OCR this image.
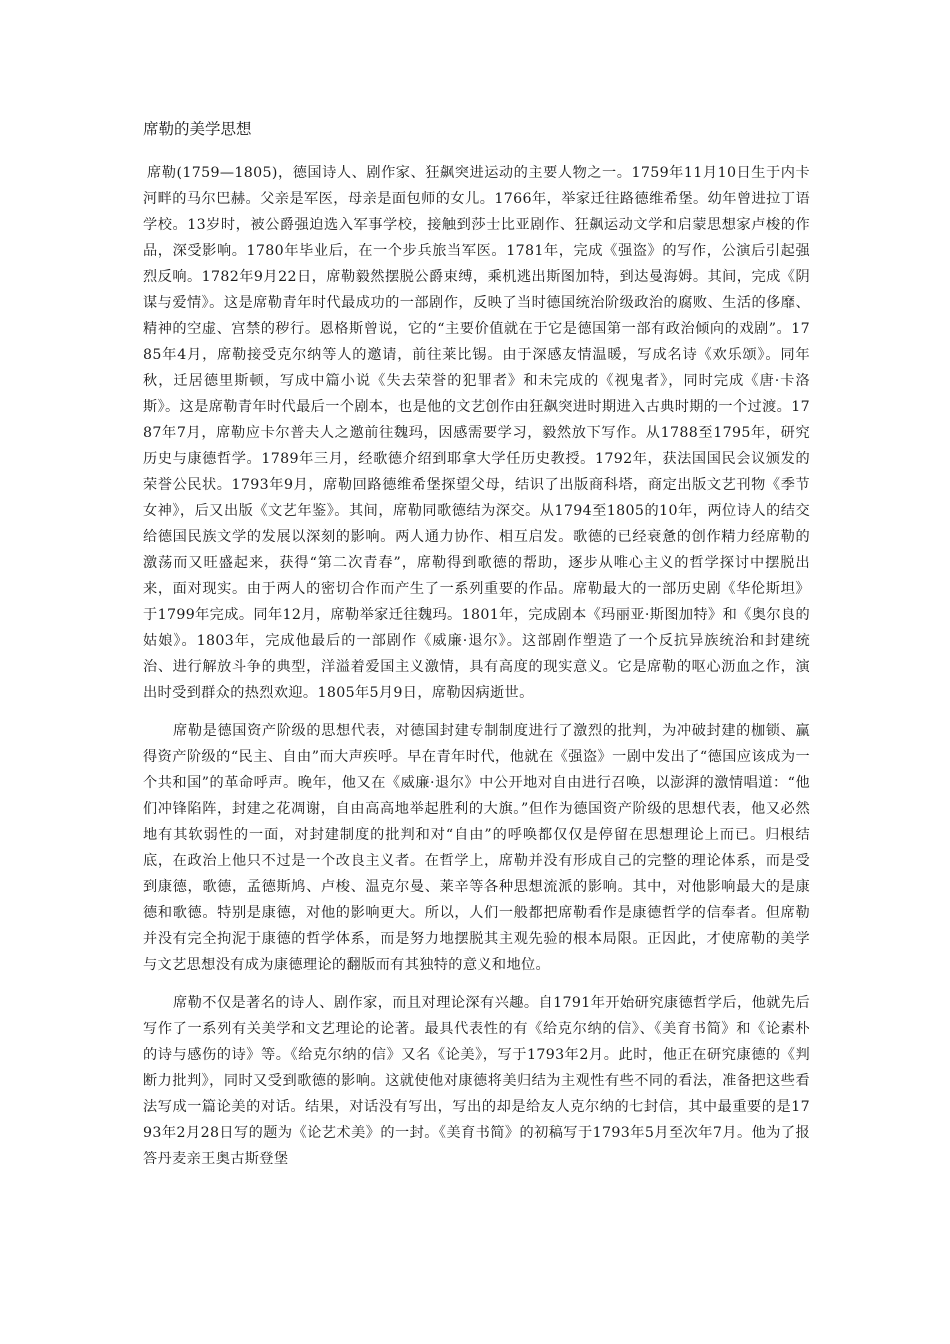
席勒的美学思想

席勒(1759—1805)，德国诗人、剧作家、狂飙突进运动的主要人物之一。1759年11月10日生于内卡河畔的马尔巴赫。父亲是军医，母亲是面包师的女儿。1766年，举家迁往路德维希堡。幼年曾进拉丁语学校。13岁时，被公爵强迫选入军事学校，接触到莎士比亚剧作、狂飙运动文学和启蒙思想家卢梭的作品，深受影响。1780年毕业后，在一个步兵旅当军医。1781年，完成《强盗》的写作，公演后引起强烈反响。1782年9月22日，席勒毅然摆脱公爵束缚，乘机逃出斯图加特，到达曼海姆。其间，完成《阴谋与爱情》。这是席勒青年时代最成功的一部剧作，反映了当时德国统治阶级政治的腐败、生活的侈靡、精神的空虚、宫禁的秽行。恩格斯曾说，它的“主要价值就在于它是德国第一部有政治倾向的戏剧”。1785年4月，席勒接受克尔纳等人的邀请，前往莱比锡。由于深感友情温暖，写成名诗《欢乐颂》。同年秋，迁居德里斯顿，写成中篇小说《失去荣誉的犯罪者》和未完成的《视鬼者》，同时完成《唐·卡洛斯》。这是席勒青年时代最后一个剧本，也是他的文艺创作由狂飙突进时期进入古典时期的一个过渡。1787年7月，席勒应卡尔普夫人之邀前往魏玛，因感需要学习，毅然放下写作。从1788至1795年，研究历史与康德哲学。1789年三月，经歌德介绍到耶拿大学任历史教授。1792年，获法国国民会议颁发的荣誉公民状。1793年9月，席勒回路德维希堡探望父母，结识了出版商科塔，商定出版文艺刊物《季节女神》，后又出版《文艺年鉴》。其间，席勒同歌德结为深交。从1794至1805的10年，两位诗人的结交给德国民族文学的发展以深刻的影响。两人通力协作、相互启发。歌德的已经衰惫的创作精力经席勒的激荡而又旺盛起来，获得“第二次青春”，席勒得到歌德的帮助，逐步从唯心主义的哲学探讨中摆脱出来，面对现实。由于两人的密切合作而产生了一系列重要的作品。席勒最大的一部历史剧《华伦斯坦》于1799年完成。同年12月，席勒举家迁往魏玛。1801年，完成剧本《玛丽亚·斯图加特》和《奥尔良的姑娘》。1803年，完成他最后的一部剧作《威廉·退尔》。这部剧作塑造了一个反抗异族统治和封建统治、进行解放斗争的典型，洋溢着爱国主义激情，具有高度的现实意义。它是席勒的呕心沥血之作，演出时受到群众的热烈欢迎。1805年5月9日，席勒因病逝世。

席勒是德国资产阶级的思想代表，对德国封建专制制度进行了激烈的批判，为冲破封建的枷锁、赢得资产阶级的“民主、自由”而大声疾呼。早在青年时代，他就在《强盗》一剧中发出了“德国应该成为一个共和国”的革命呼声。晚年，他又在《威廉·退尔》中公开地对自由进行召唤，以澎湃的激情唱道：“他们冲锋陷阵，封建之花凋谢，自由高高地举起胜利的大旗。”但作为德国资产阶级的思想代表，他又必然地有其软弱性的一面，对封建制度的批判和对“自由”的呼唤都仅仅是停留在思想理论上而已。归根结底，在政治上他只不过是一个改良主义者。在哲学上，席勒并没有形成自己的完整的理论体系，而是受到康德，歌德，孟德斯鸠、卢梭、温克尔曼、莱辛等各种思想流派的影响。其中，对他影响最大的是康德和歌德。特别是康德，对他的影响更大。所以，人们一般都把席勒看作是康德哲学的信奉者。但席勒并没有完全拘泥于康德的哲学体系，而是努力地摆脱其主观先验的根本局限。正因此，才使席勒的美学与文艺思想没有成为康德理论的翻版而有其独特的意义和地位。

席勒不仅是著名的诗人、剧作家，而且对理论深有兴趣。自1791年开始研究康德哲学后，他就先后写作了一系列有关美学和文艺理论的论著。最具代表性的有《给克尔纳的信》、《美育书简》和《论素朴的诗与感伤的诗》等。《给克尔纳的信》又名《论美》，写于1793年2月。此时，他正在研究康德的《判断力批判》，同时又受到歌德的影响。这就使他对康德将美归结为主观性有些不同的看法，准备把这些看法写成一篇论美的对话。结果，对话没有写出，写出的却是给友人克尔纳的七封信，其中最重要的是1793年2月28日写的题为《论艺术美》的一封。《美育书简》的初稿写于1793年5月至次年7月。他为了报答丹麦亲王奥古斯登堡
